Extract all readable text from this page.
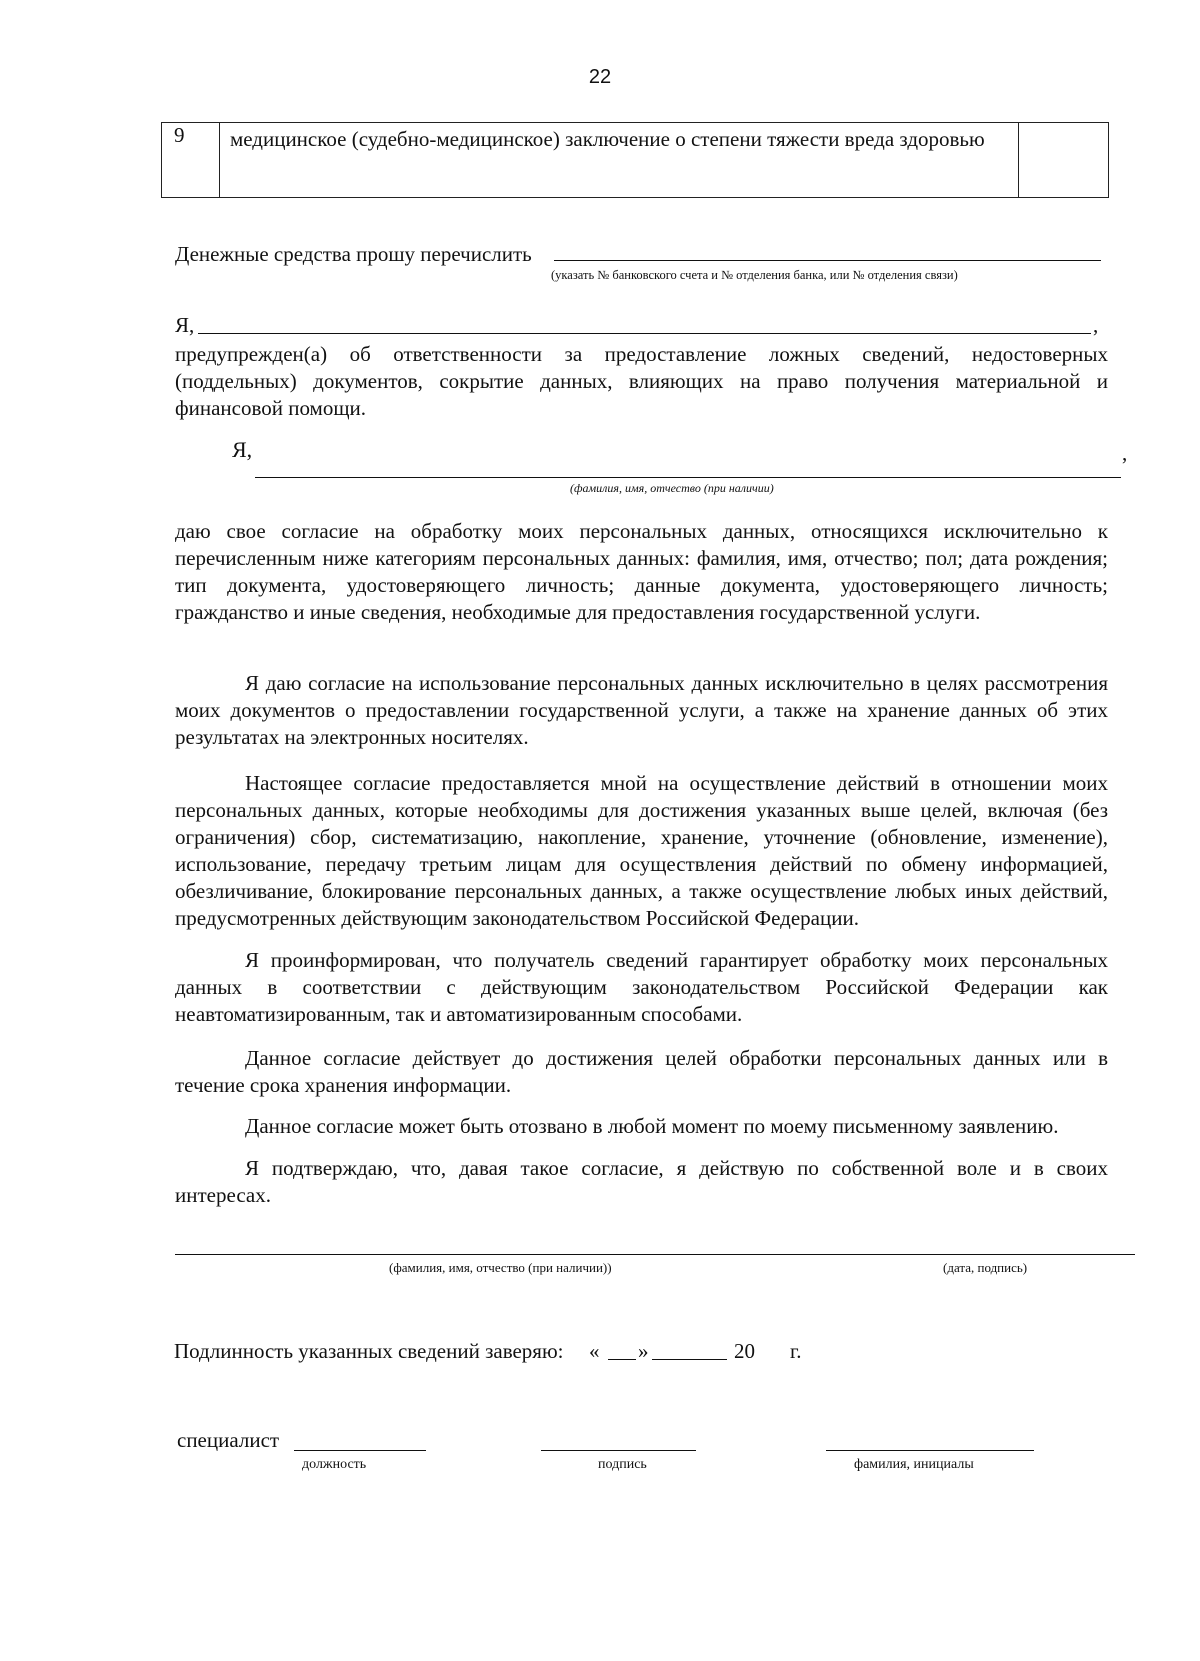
22
9	медицинское (судебно-медицинское) заключение о степени тяжести вреда здоровью	
Денежные средства прошу перечислить
(указать № банковского счета и № отделения банка, или № отделения связи)
Я,	,
предупрежден(а) об ответственности за предоставление ложных сведений, недостоверных (поддельных) документов, сокрытие данных, влияющих на право получения материальной и финансовой помощи.
Я,	,
(фамилия, имя, отчество (при наличии)
даю свое согласие на обработку моих персональных данных, относящихся исключительно к перечисленным ниже категориям персональных данных: фамилия, имя, отчество; пол; дата рождения; тип документа, удостоверяющего личность; данные документа, удостоверяющего личность; гражданство и иные сведения, необходимые для предоставления государственной услуги.
Я даю согласие на использование персональных данных исключительно в целях рассмотрения моих документов о предоставлении государственной услуги, а также на хранение данных об этих результатах на электронных носителях.
Настоящее согласие предоставляется мной на осуществление действий в отношении моих персональных данных, которые необходимы для достижения указанных выше целей, включая (без ограничения) сбор, систематизацию, накопление, хранение, уточнение (обновление, изменение), использование, передачу третьим лицам для осуществления действий по обмену информацией, обезличивание, блокирование персональных данных, а также осуществление любых иных действий, предусмотренных действующим законодательством Российской Федерации.
Я проинформирован, что получатель сведений гарантирует обработку моих персональных данных в соответствии с действующим законодательством Российской Федерации как неавтоматизированным, так и автоматизированным способами.
Данное согласие действует до достижения целей обработки персональных данных или в течение срока хранения информации.
Данное согласие может быть отозвано в любой момент по моему письменному заявлению.
Я подтверждаю, что, давая такое согласие, я действую по собственной воле и в своих интересах.
(фамилия, имя, отчество (при наличии))	(дата, подпись)
Подлинность указанных сведений заверяю: « »	20 г.
специалист
должность	подпись	фамилия, инициалы
